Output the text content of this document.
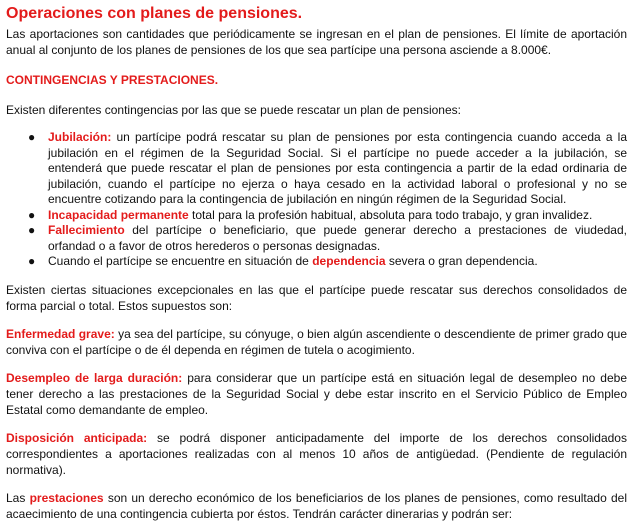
Operaciones con planes de pensiones.

Las aportaciones son cantidades que periódicamente se ingresan en el plan de pensiones. El límite de aportación anual al conjunto de los planes de pensiones de los que sea partícipe una persona asciende a 8.000€.

CONTINGENCIAS Y PRESTACIONES.

Existen diferentes contingencias por las que se puede rescatar un plan de pensiones:

● Jubilación: un partícipe podrá rescatar su plan de pensiones por esta contingencia cuando acceda a la jubilación en el régimen de la Seguridad Social. Si el partícipe no puede acceder a la jubilación, se entenderá que puede rescatar el plan de pensiones por esta contingencia a partir de la edad ordinaria de jubilación, cuando el partícipe no ejerza o haya cesado en la actividad laboral o profesional y no se encuentre cotizando para la contingencia de jubilación en ningún régimen de la Seguridad Social.
● Incapacidad permanente total para la profesión habitual, absoluta para todo trabajo, y gran invalidez.
● Fallecimiento del partícipe o beneficiario, que puede generar derecho a prestaciones de viudedad, orfandad o a favor de otros herederos o personas designadas.
● Cuando el partícipe se encuentre en situación de dependencia severa o gran dependencia.

Existen ciertas situaciones excepcionales en las que el partícipe puede rescatar sus derechos consolidados de forma parcial o total. Estos supuestos son:

Enfermedad grave: ya sea del partícipe, su cónyuge, o bien algún ascendiente o descendiente de primer grado que conviva con el partícipe o de él dependa en régimen de tutela o acogimiento.

Desempleo de larga duración: para considerar que un partícipe está en situación legal de desempleo no debe tener derecho a las prestaciones de la Seguridad Social y debe estar inscrito en el Servicio Público de Empleo Estatal como demandante de empleo.

Disposición anticipada: se podrá disponer anticipadamente del importe de los derechos consolidados correspondientes a aportaciones realizadas con al menos 10 años de antigüedad. (Pendiente de regulación normativa).

Las prestaciones son un derecho económico de los beneficiarios de los planes de pensiones, como resultado del acaecimiento de una contingencia cubierta por éstos. Tendrán carácter dinerarias y podrán ser:
